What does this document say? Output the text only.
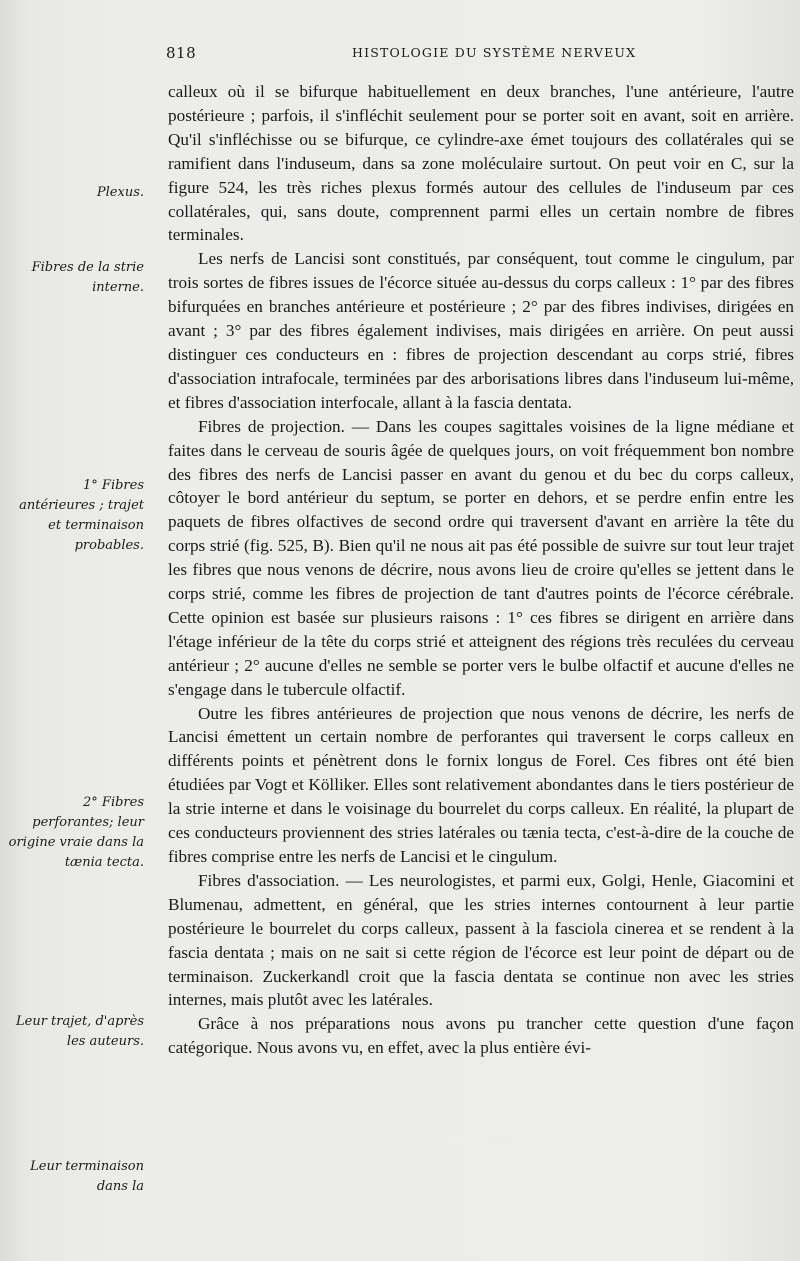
818	HISTOLOGIE DU SYSTÈME NERVEUX
Plexus.
Fibres de la strie interne.
1° Fibres antérieures ; trajet et terminaison probables.
2° Fibres perforantes; leur origine vraie dans la tænia tecta.
Leur trajet, d'après les auteurs.
Leur terminaison dans la

calleux où il se bifurque habituellement en deux branches, l'une antérieure, l'autre postérieure ; parfois, il s'infléchit seulement pour se porter soit en avant, soit en arrière. Qu'il s'infléchisse ou se bifurque, ce cylindre-axe émet toujours des collatérales qui se ramifient dans l'induseum, dans sa zone moléculaire surtout. On peut voir en C, sur la figure 524, les très riches plexus formés autour des cellules de l'induseum par ces collatérales, qui, sans doute, comprennent parmi elles un certain nombre de fibres terminales.

Les nerfs de Lancisi sont constitués, par conséquent, tout comme le cingulum, par trois sortes de fibres issues de l'écorce située au-dessus du corps calleux : 1° par des fibres bifurquées en branches antérieure et postérieure ; 2° par des fibres indivises, dirigées en avant ; 3° par des fibres également indivises, mais dirigées en arrière. On peut aussi distinguer ces conducteurs en : fibres de projection descendant au corps strié, fibres d'association intrafocale, terminées par des arborisations libres dans l'induseum lui-même, et fibres d'association interfocale, allant à la fascia dentata.

Fibres de projection. — Dans les coupes sagittales voisines de la ligne médiane et faites dans le cerveau de souris âgée de quelques jours, on voit fréquemment bon nombre des fibres des nerfs de Lancisi passer en avant du genou et du bec du corps calleux, côtoyer le bord antérieur du septum, se porter en dehors, et se perdre enfin entre les paquets de fibres olfactives de second ordre qui traversent d'avant en arrière la tête du corps strié (fig. 525, B). Bien qu'il ne nous ait pas été possible de suivre sur tout leur trajet les fibres que nous venons de décrire, nous avons lieu de croire qu'elles se jettent dans le corps strié, comme les fibres de projection de tant d'autres points de l'écorce cérébrale. Cette opinion est basée sur plusieurs raisons : 1° ces fibres se dirigent en arrière dans l'étage inférieur de la tête du corps strié et atteignent des régions très reculées du cerveau antérieur ; 2° aucune d'elles ne semble se porter vers le bulbe olfactif et aucune d'elles ne s'engage dans le tubercule olfactif.

Outre les fibres antérieures de projection que nous venons de décrire, les nerfs de Lancisi émettent un certain nombre de perforantes qui traversent le corps calleux en différents points et pénètrent dons le fornix longus de Forel. Ces fibres ont été bien étudiées par Vogt et Kölliker. Elles sont relativement abondantes dans le tiers postérieur de la strie interne et dans le voisinage du bourrelet du corps calleux. En réalité, la plupart de ces conducteurs proviennent des stries latérales ou tænia tecta, c'est-à-dire de la couche de fibres comprise entre les nerfs de Lancisi et le cingulum.

Fibres d'association. — Les neurologistes, et parmi eux, Golgi, Henle, Giacomini et Blumenau, admettent, en général, que les stries internes contournent à leur partie postérieure le bourrelet du corps calleux, passent à la fasciola cinerea et se rendent à la fascia dentata ; mais on ne sait si cette région de l'écorce est leur point de départ ou de terminaison. Zuckerkandl croit que la fascia dentata se continue non avec les stries internes, mais plutôt avec les latérales.

Grâce à nos préparations nous avons pu trancher cette question d'une façon catégorique. Nous avons vu, en effet, avec la plus entière évi-
